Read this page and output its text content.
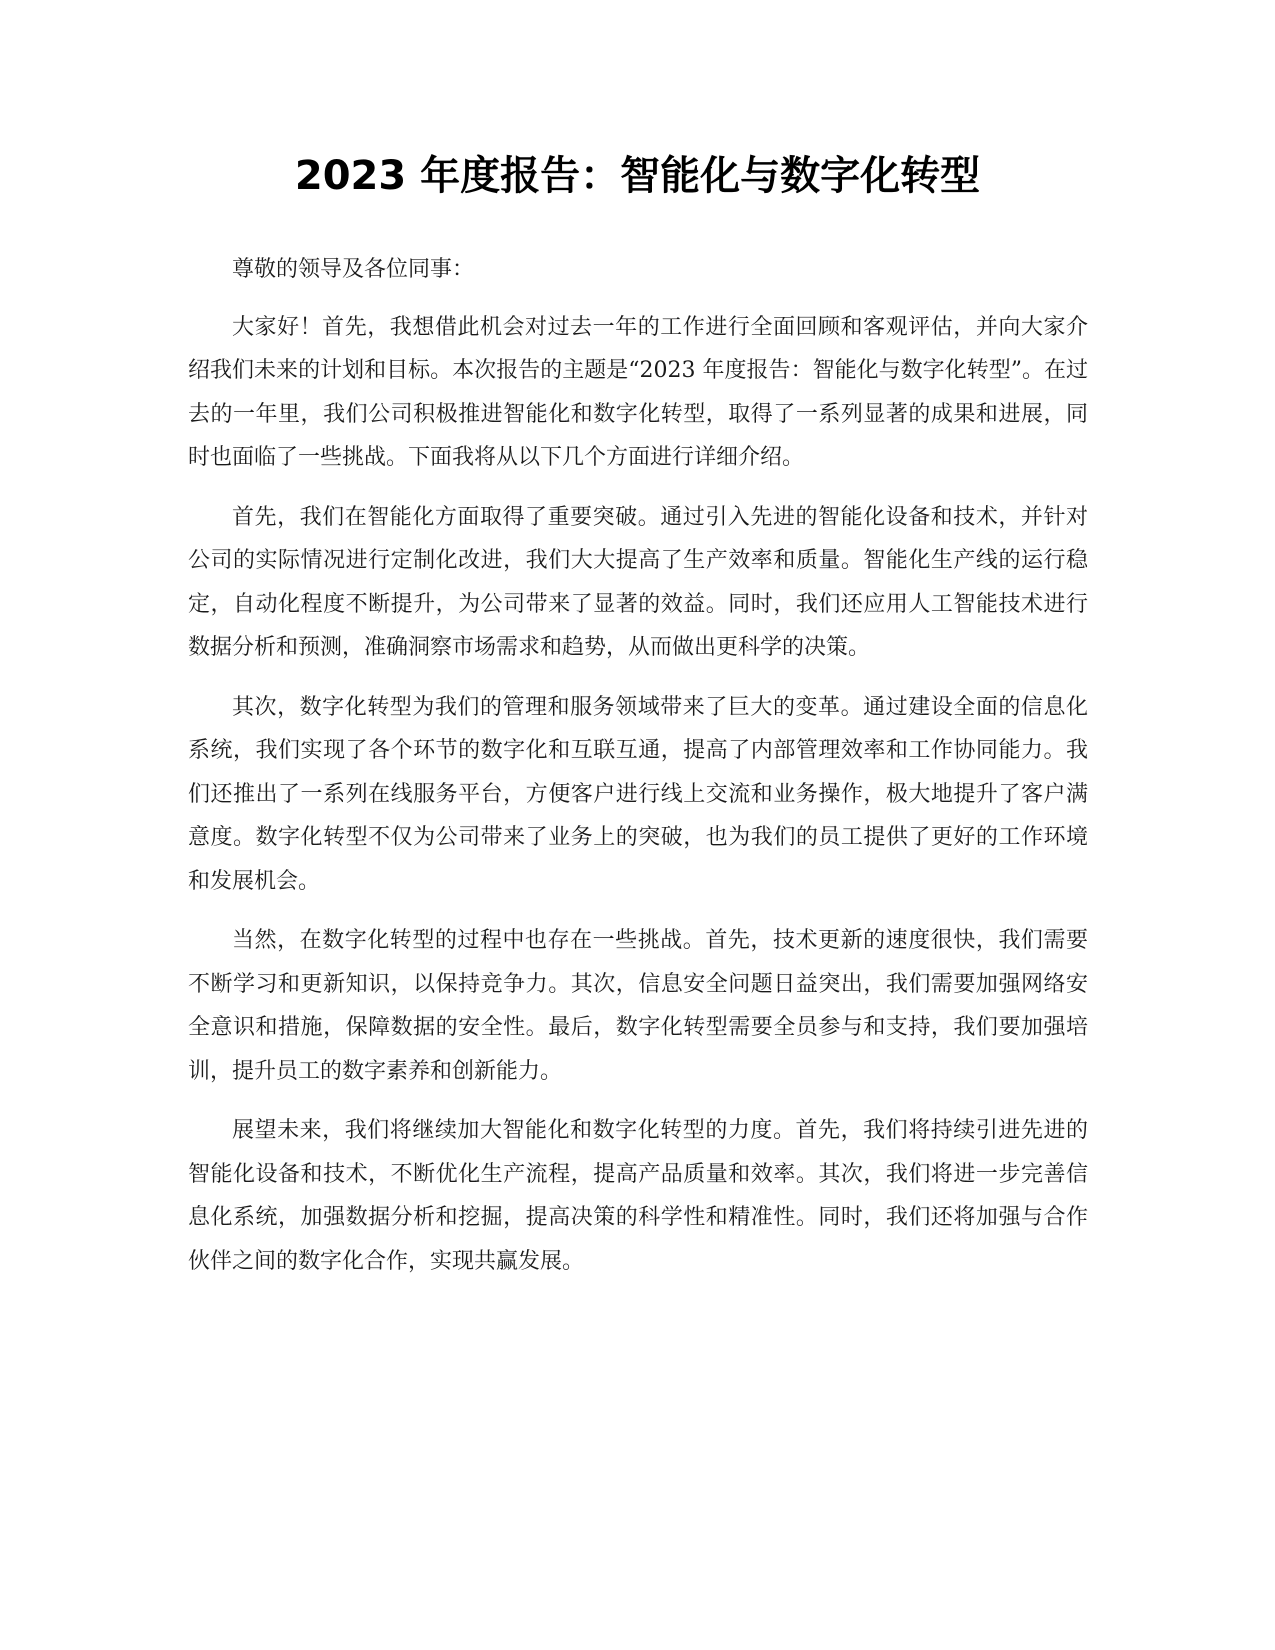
2023 年度报告：智能化与数字化转型

尊敬的领导及各位同事：

大家好！首先，我想借此机会对过去一年的工作进行全面回顾和客观评估，并向大家介绍我们未来的计划和目标。本次报告的主题是“2023 年度报告：智能化与数字化转型”。在过去的一年里，我们公司积极推进智能化和数字化转型，取得了一系列显著的成果和进展，同时也面临了一些挑战。下面我将从以下几个方面进行详细介绍。

首先，我们在智能化方面取得了重要突破。通过引入先进的智能化设备和技术，并针对公司的实际情况进行定制化改进，我们大大提高了生产效率和质量。智能化生产线的运行稳定，自动化程度不断提升，为公司带来了显著的效益。同时，我们还应用人工智能技术进行数据分析和预测，准确洞察市场需求和趋势，从而做出更科学的决策。

其次，数字化转型为我们的管理和服务领域带来了巨大的变革。通过建设全面的信息化系统，我们实现了各个环节的数字化和互联互通，提高了内部管理效率和工作协同能力。我们还推出了一系列在线服务平台，方便客户进行线上交流和业务操作，极大地提升了客户满意度。数字化转型不仅为公司带来了业务上的突破，也为我们的员工提供了更好的工作环境和发展机会。

当然，在数字化转型的过程中也存在一些挑战。首先，技术更新的速度很快，我们需要不断学习和更新知识，以保持竞争力。其次，信息安全问题日益突出，我们需要加强网络安全意识和措施，保障数据的安全性。最后，数字化转型需要全员参与和支持，我们要加强培训，提升员工的数字素养和创新能力。

展望未来，我们将继续加大智能化和数字化转型的力度。首先，我们将持续引进先进的智能化设备和技术，不断优化生产流程，提高产品质量和效率。其次，我们将进一步完善信息化系统，加强数据分析和挖掘，提高决策的科学性和精准性。同时，我们还将加强与合作伙伴之间的数字化合作，实现共赢发展。
